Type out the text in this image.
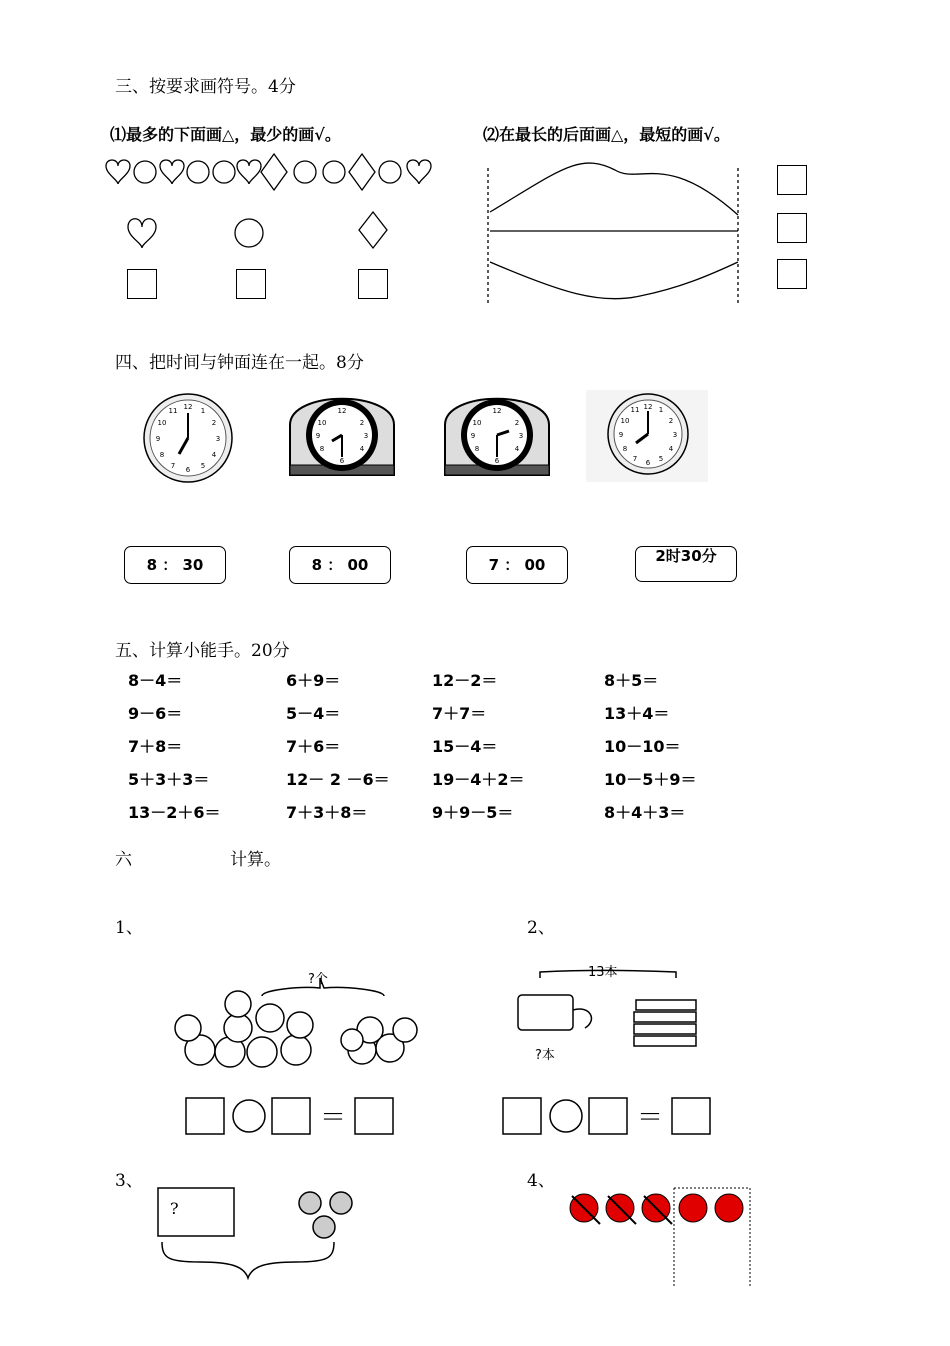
三、按要求画符号。4分
⑴最多的下面画△，最少的画√。	⑵在最长的后面画△，最短的画√。
四、把时间与钟面连在一起。8分
12 1
2
3
4
5
6
7
8
9
10
11	12
3
6
9
10	2
8	4
12
3
6
9
10	2
8	4
12 1
2
3
4
5
6
7
8
9
10
11
8 ： 30	8 ： 00	7 ： 00	2时30分
五、计算小能手。20分
8－4＝	6＋9＝	12－2＝	8＋5＝
9－6＝	5－4＝	7＋7＝	13＋4＝
7＋8＝	7＋6＝	15－4＝	10－10＝
5＋3＋3＝	12－ 2 －6＝	19－4＋2＝	10－5＋9＝
13－2＋6＝	7＋3＋8＝	9＋9－5＝	8＋4＋3＝
六	计算。
1、	2、
?个	13本
?本
＝	＝
?
3、	4、
